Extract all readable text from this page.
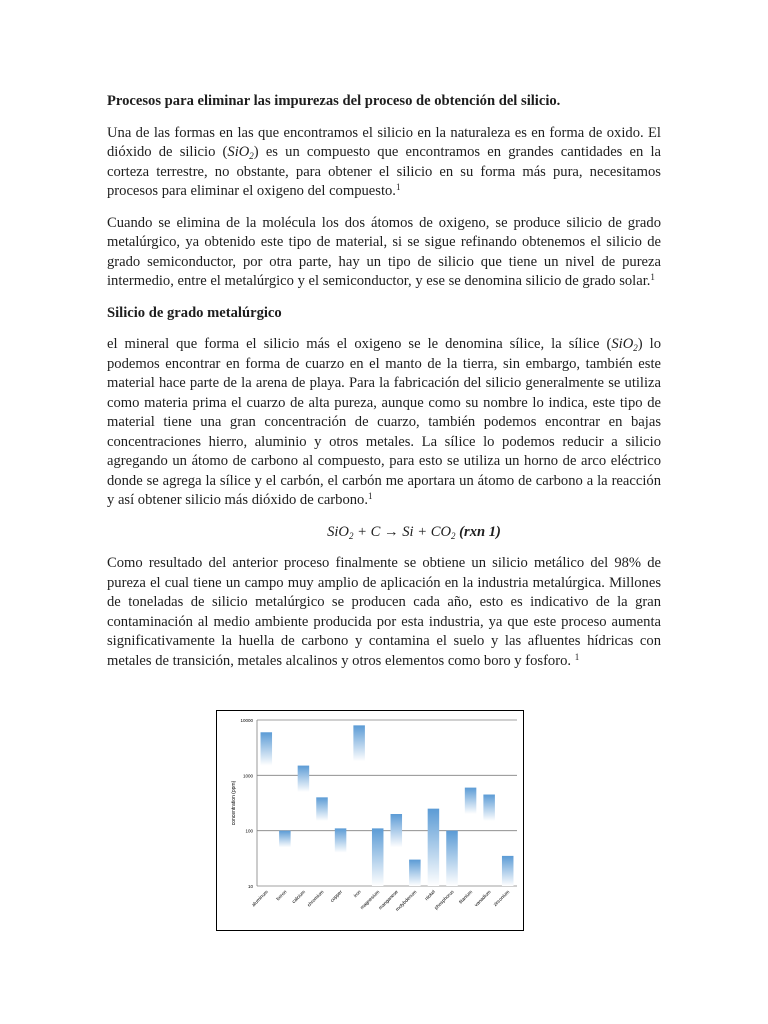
Procesos para eliminar las impurezas del proceso de obtención del silicio.

Una de las formas en las que encontramos el silicio en la naturaleza es en forma de oxido. El dióxido de silicio (SiO$_2$) es un compuesto que encontramos en grandes cantidades en la corteza terrestre, no obstante, para obtener el silicio en su forma más pura, necesitamos procesos para eliminar el oxigeno del compuesto.$^1$

Cuando se elimina de la molécula los dos átomos de oxigeno, se produce silicio de grado metalúrgico, ya obtenido este tipo de material, si se sigue refinando obtenemos el silicio de grado semiconductor, por otra parte, hay un tipo de silicio que tiene un nivel de pureza intermedio, entre el metalúrgico y el semiconductor, y ese se denomina silicio de grado solar.$^1$

Silicio de grado metalúrgico

el mineral que forma el silicio más el oxigeno se le denomina sílice, la sílice (SiO$_2$) lo podemos encontrar en forma de cuarzo en el manto de la tierra, sin embargo, también este material hace parte de la arena de playa. Para la fabricación del silicio generalmente se utiliza como materia prima el cuarzo de alta pureza, aunque como su nombre lo indica, este tipo de material tiene una gran concentración de cuarzo, también podemos encontrar en bajas concentraciones hierro, aluminio y otros metales. La sílice lo podemos reducir a silicio agregando un átomo de carbono al compuesto, para esto se utiliza un horno de arco eléctrico donde se agrega la sílice y el carbón, el carbón me aportara un átomo de carbono a la reacción y así obtener silicio más dióxido de carbono.$^1$

$SiO_2 + C \to Si + CO_2$ (rxn 1)

Como resultado del anterior proceso finalmente se obtiene un silicio metálico del 98% de pureza el cual tiene un campo muy amplio de aplicación en la industria metalúrgica. Millones de toneladas de silicio metalúrgico se producen cada año, esto es indicativo de la gran contaminación al medio ambiente producida por esta industria, ya que este proceso aumenta significativamente la huella de carbono y contamina el suelo y las afluentes hídricas con metales de transición, metales alcalinos y otros elementos como boro y fosforo. $^1$

10000
1000
100
10
aluminum boron calcium chromium copper iron
magnesium
manganese
molybdenum nickel
phosphorus titanium vanadium zirconium
concentration (ppm)
